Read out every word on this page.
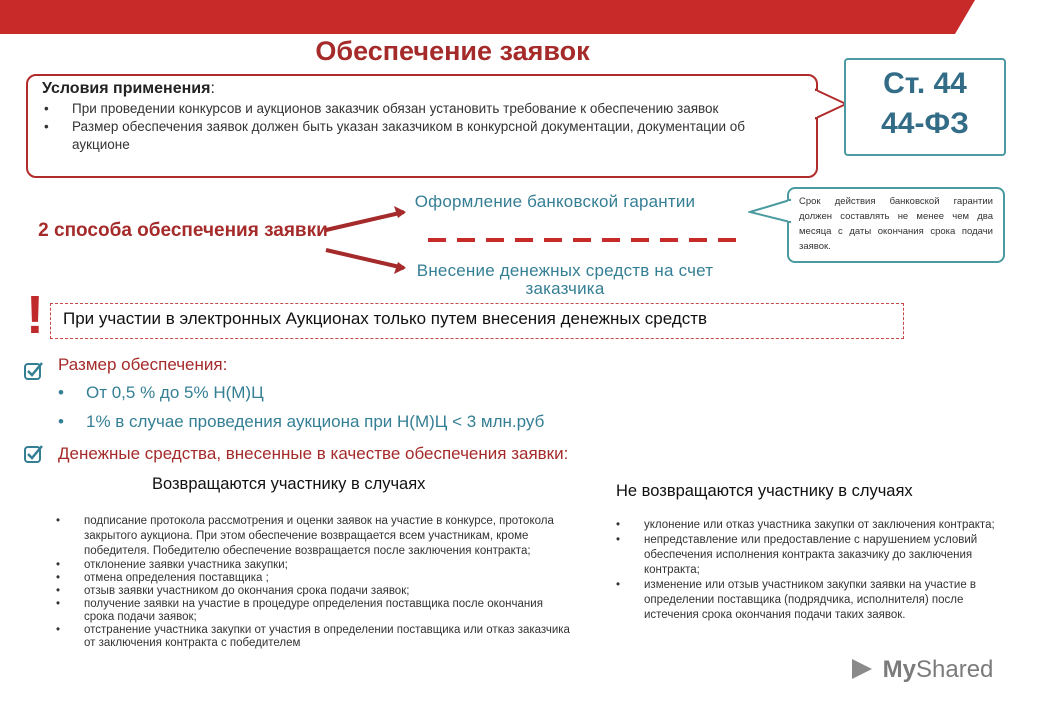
Обеспечение заявок
Условия применения:
• При проведении конкурсов и аукционов заказчик обязан установить требование к обеспечению заявок
• Размер обеспечения заявок должен быть указан заказчиком в конкурсной документации, документации об аукционе
Ст. 44
44-ФЗ
2 способа обеспечения заявки
Оформление банковской гарантии
Внесение денежных средств на счет заказчика
Срок действия банковской гарантии должен составлять не менее чем два месяца с даты окончания срока подачи заявок.
!	При участии в электронных Аукционах только путем внесения денежных средств
Размер обеспечения:
• От 0,5 % до 5% Н(М)Ц
• 1% в случае проведения аукциона при Н(М)Ц < 3 млн.руб
Денежные средства, внесенные в качестве обеспечения заявки:
Возвращаются участнику в случаях	Не возвращаются участнику в случаях
• подписание протокола рассмотрения и оценки заявок на участие в конкурсе, протокола закрытого аукциона. При этом обеспечение возвращается всем участникам, кроме победителя. Победителю обеспечение возвращается после заключения контракта;
• отклонение заявки участника закупки;
• отмена определения поставщика ;
• отзыв заявки участником до окончания срока подачи заявок;
• получение заявки на участие в процедуре определения поставщика после окончания срока подачи заявок;
• отстранение участника закупки от участия в определении поставщика или отказ заказчика от заключения контракта с победителем
• уклонение или отказ участника закупки от заключения контракта;
• непредставление или предоставление с нарушением условий обеспечения исполнения контракта заказчику до заключения контракта;
• изменение или отзыв участником закупки заявки на участие в определении поставщика (подрядчика, исполнителя) после истечения срока окончания подачи таких заявок.
MyShared
